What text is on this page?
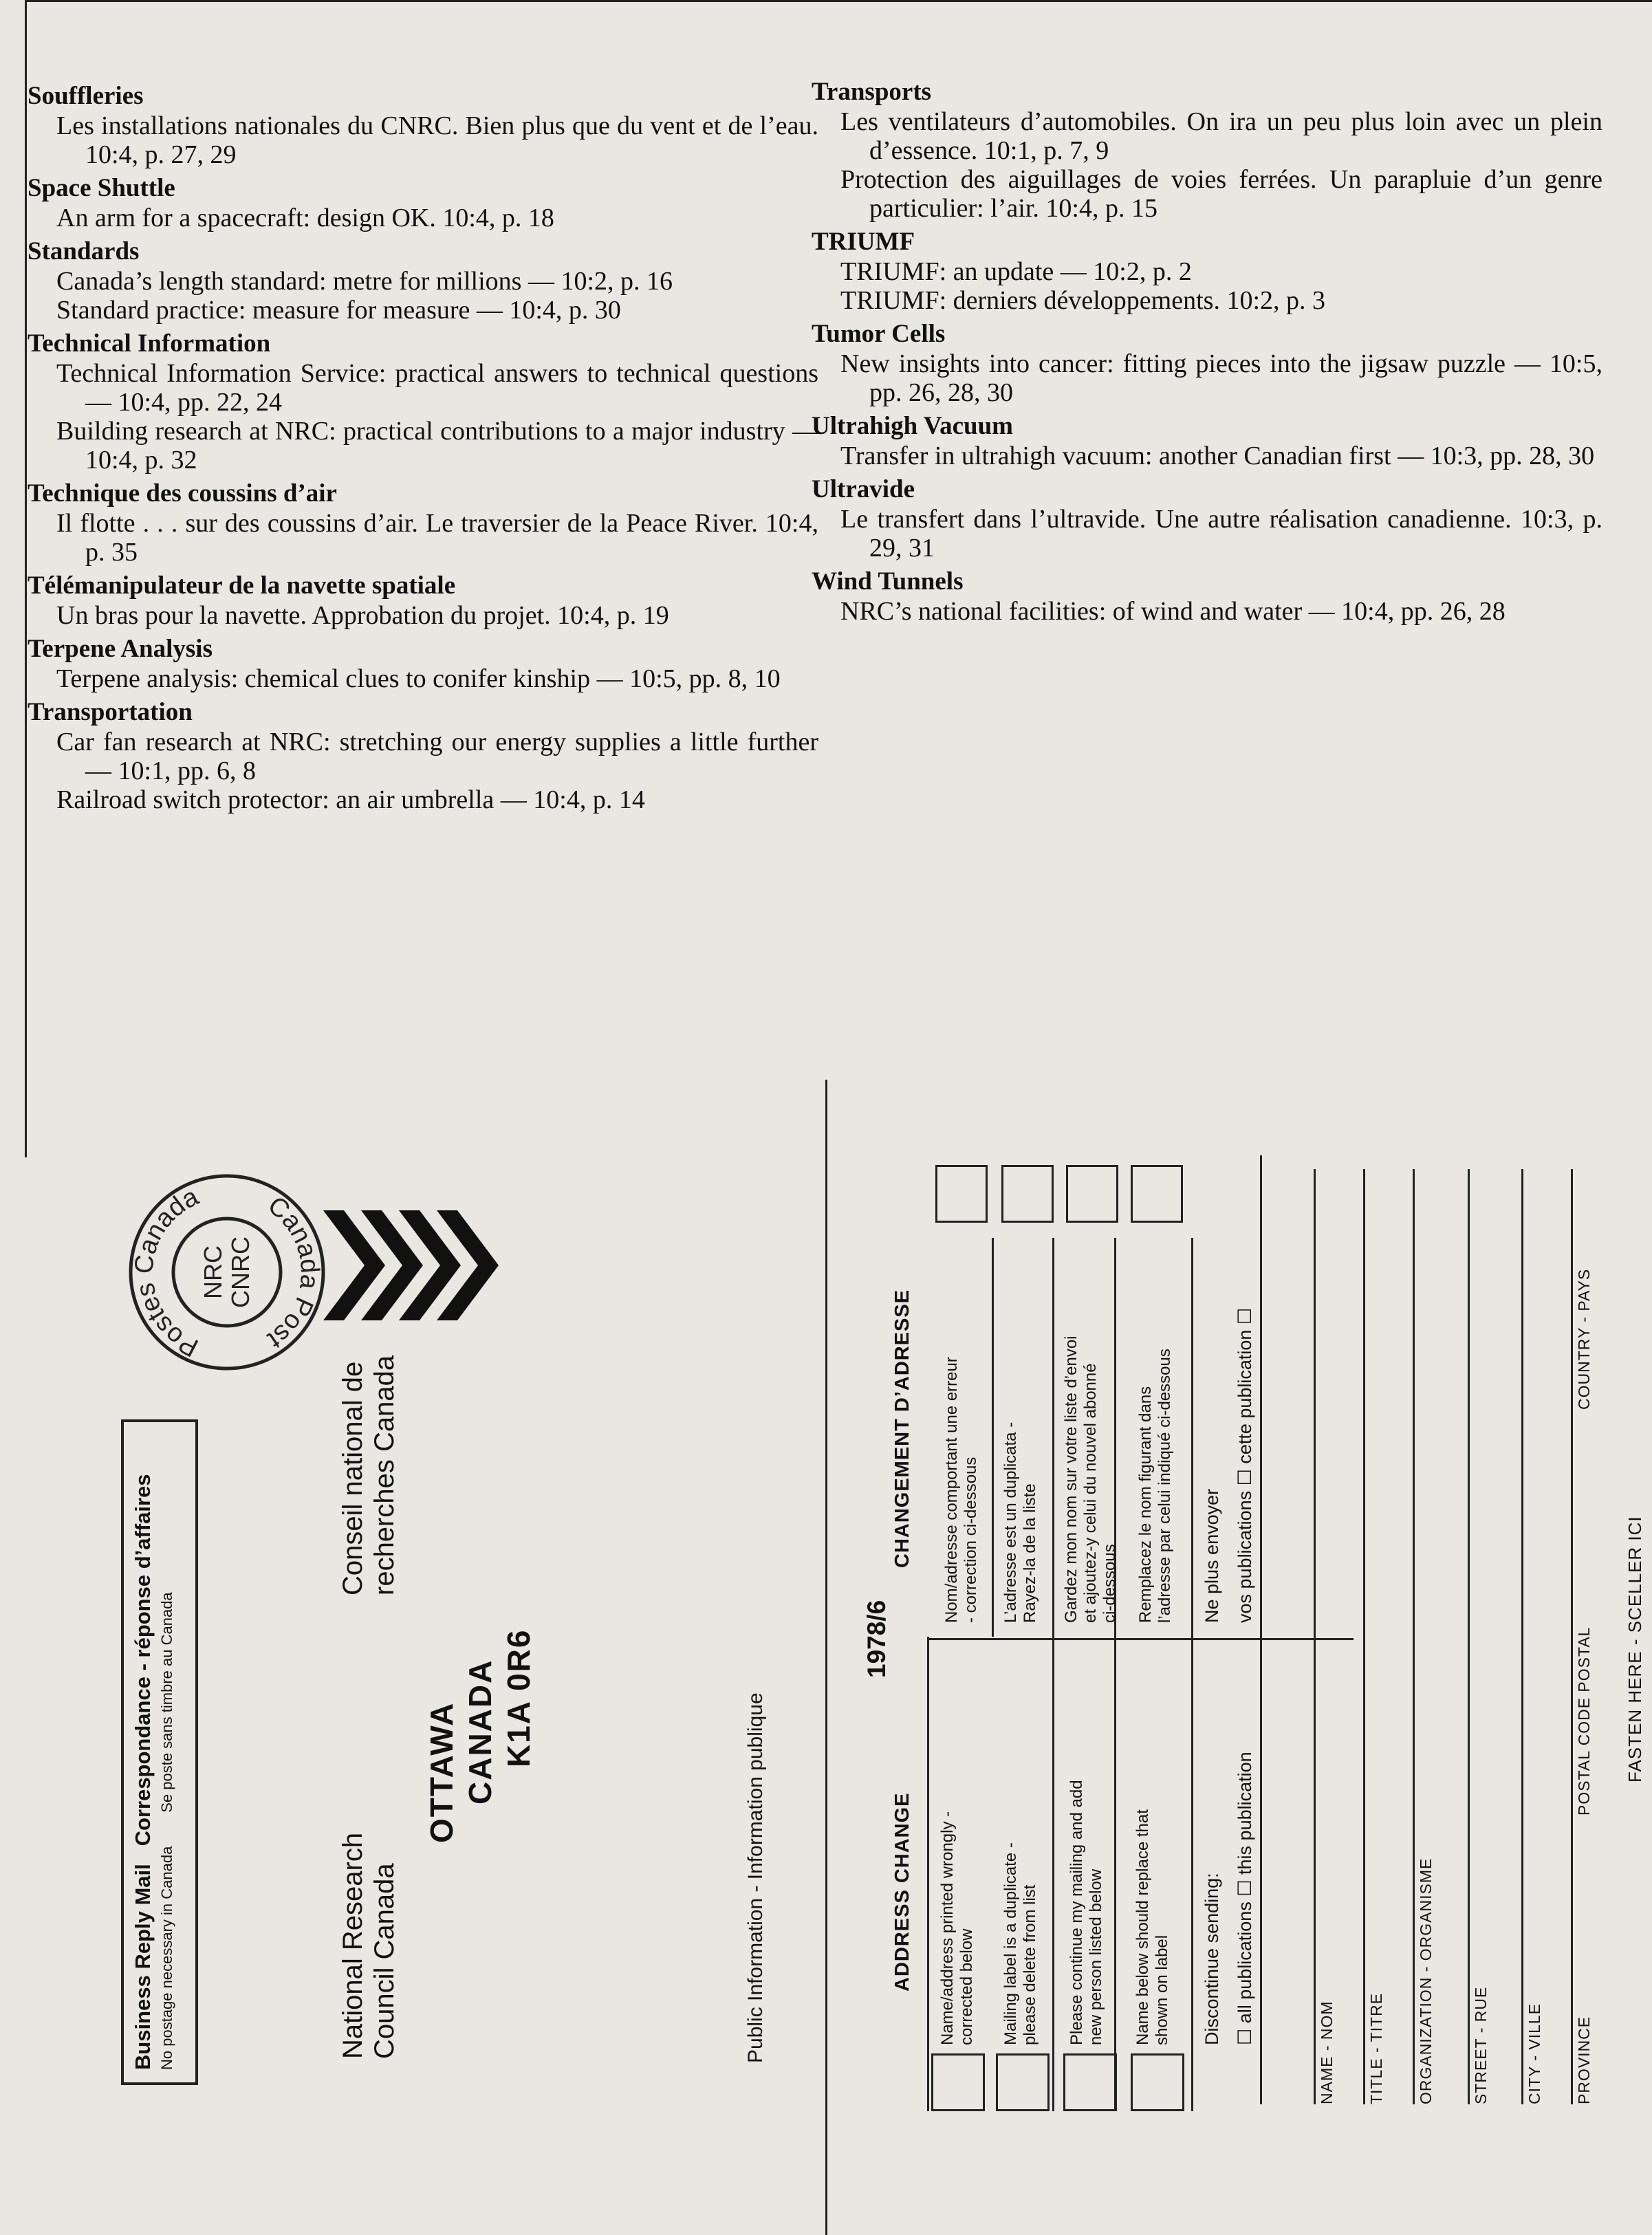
Souffleries

Les installations nationales du CNRC. Bien plus que du vent et de l’eau. 10:4, p. 27, 29

Space Shuttle

An arm for a spacecraft: design OK. 10:4, p. 18

Standards

Canada’s length standard: metre for millions — 10:2, p. 16

Standard practice: measure for measure — 10:4, p. 30

Technical Information

Technical Information Service: practical answers to technical questions — 10:4, pp. 22, 24

Building research at NRC: practical contributions to a major industry — 10:4, p. 32

Technique des coussins d’air

Il flotte . . . sur des coussins d’air. Le traversier de la Peace River. 10:4, p. 35

Télémanipulateur de la navette spatiale

Un bras pour la navette. Approbation du projet. 10:4, p. 19

Terpene Analysis

Terpene analysis: chemical clues to conifer kinship — 10:5, pp. 8, 10

Transportation

Car fan research at NRC: stretching our energy supplies a little further — 10:1, pp. 6, 8

Railroad switch protector: an air umbrella — 10:4, p. 14

Transports

Les ventilateurs d’automobiles. On ira un peu plus loin avec un plein d’essence. 10:1, p. 7, 9

Protection des aiguillages de voies ferrées. Un parapluie d’un genre particulier: l’air. 10:4, p. 15

TRIUMF

TRIUMF: an update — 10:2, p. 2

TRIUMF: derniers développements. 10:2, p. 3

Tumor Cells

New insights into cancer: fitting pieces into the jigsaw puzzle — 10:5, pp. 26, 28, 30

Ultrahigh Vacuum

Transfer in ultrahigh vacuum: another Canadian first — 10:3, pp. 28, 30

Ultravide

Le transfert dans l’ultravide. Une autre réalisation canadienne. 10:3, p. 29, 31

Wind Tunnels

NRC’s national facilities: of wind and water — 10:4, pp. 26, 28

Postes Canada Canada Post
NRC CNRC
Business Reply Mail   Correspondance - réponse d’affaires
No postage necessary in Canada        Se poste sans timbre au Canada
National Research Council Canada
Conseil national de recherches Canada
OTTAWA CANADA K1A 0R6	Public Information - Information publique
1978/6
ADDRESS CHANGE
CHANGEMENT D’ADRESSE
Name/address printed wrongly - corrected below Mailing label is a duplicate - please delete from list Please continue my mailing and add new person listed below Name below should replace that shown on label
Nom/adresse comportant une erreur - correction ci-dessous L’adresse est un duplicata - Rayez-la de la liste Gardez mon nom sur votre liste d’envoi et ajoutez-y celui du nouvel abonné ci-dessous Remplacez le nom figurant dans l’adresse par celui indiqué ci-dessous
Discontinue sending: ☐ all publications ☐ this publication
Ne plus envoyer vos publications ☐ cette publication ☐
NAME - NOM TITLE - TITRE ORGANIZATION - ORGANISME STREET - RUE CITY - VILLE PROVINCE
POSTAL CODE POSTAL
COUNTRY - PAYS
FASTEN HERE - SCELLER ICI
